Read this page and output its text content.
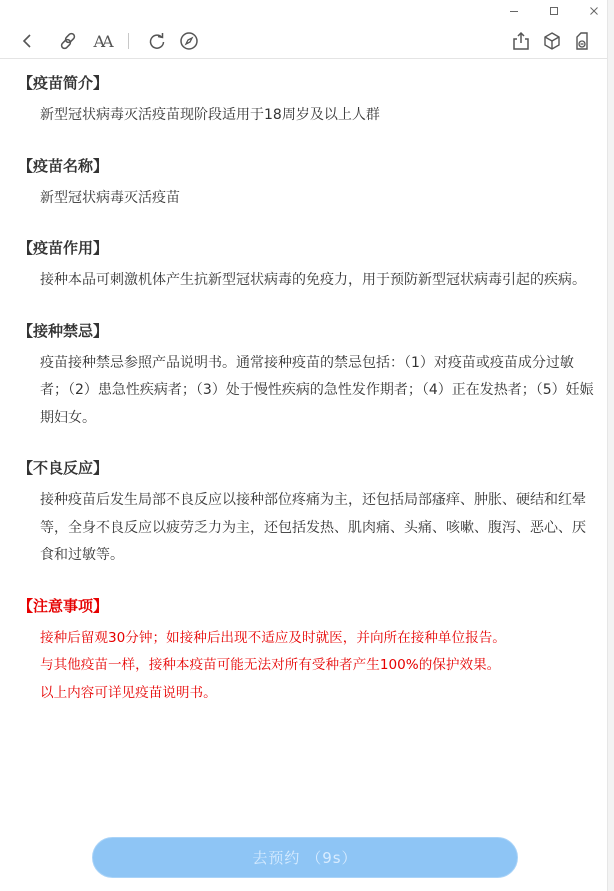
AA
【疫苗简介】

新型冠状病毒灭活疫苗现阶段适用于18周岁及以上人群

【疫苗名称】

新型冠状病毒灭活疫苗

【疫苗作用】

接种本品可刺激机体产生抗新型冠状病毒的免疫力，用于预防新型冠状病毒引起的疾病。

【接种禁忌】

疫苗接种禁忌参照产品说明书。通常接种疫苗的禁忌包括：（1）对疫苗或疫苗成分过敏者；（2）患急性疾病者；（3）处于慢性疾病的急性发作期者；（4）正在发热者；（5）妊娠期妇女。

【不良反应】

接种疫苗后发生局部不良反应以接种部位疼痛为主，还包括局部瘙痒、肿胀、硬结和红晕等，全身不良反应以疲劳乏力为主，还包括发热、肌肉痛、头痛、咳嗽、腹泻、恶心、厌食和过敏等。

【注意事项】

接种后留观30分钟；如接种后出现不适应及时就医，并向所在接种单位报告。

与其他疫苗一样，接种本疫苗可能无法对所有受种者产生100%的保护效果。

以上内容可详见疫苗说明书。

去预约 （9s）
